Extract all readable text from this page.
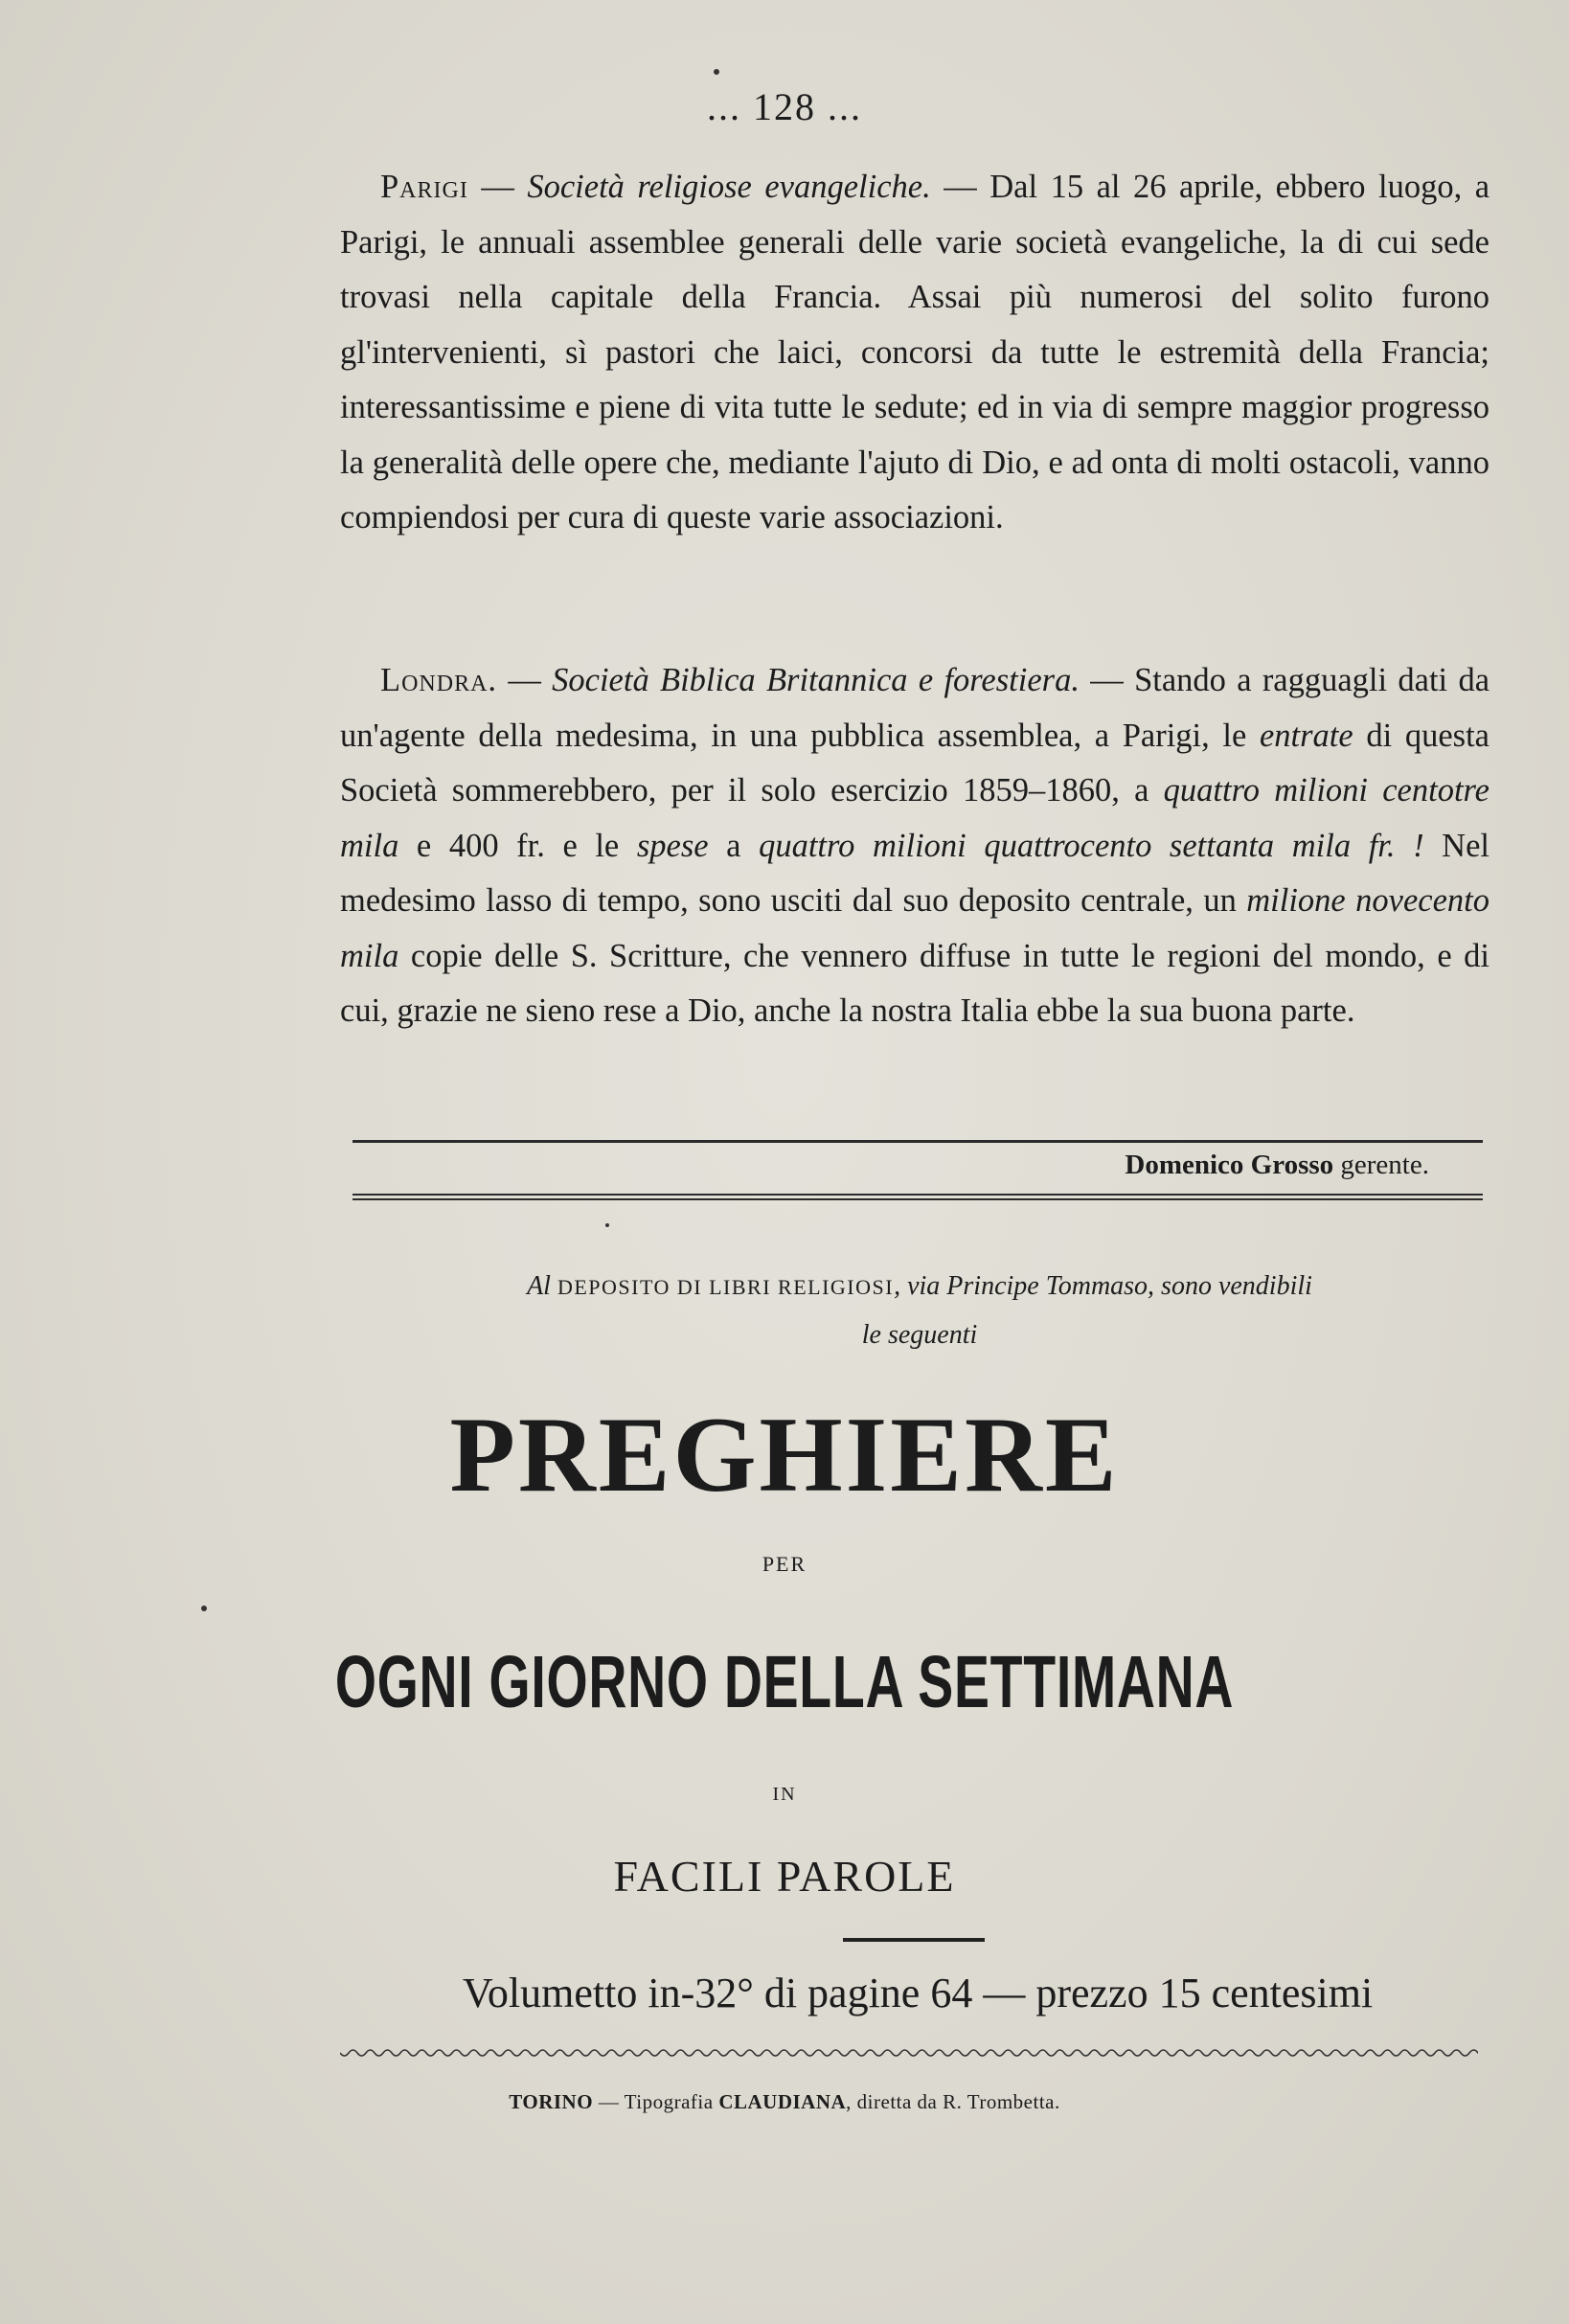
... 128 ...

Parigi — Società religiose evangeliche. — Dal 15 al 26 aprile, ebbero luogo, a Parigi, le annuali assemblee generali delle varie società evangeliche, la di cui sede trovasi nella capitale della Francia. Assai più numerosi del solito furono gl'intervenienti, sì pastori che laici, concorsi da tutte le estremità della Francia; interessantissime e piene di vita tutte le sedute; ed in via di sempre maggior progresso la generalità delle opere che, mediante l'ajuto di Dio, e ad onta di molti ostacoli, vanno compiendosi per cura di queste varie associazioni.

Londra. — Società Biblica Britannica e forestiera. — Stando a ragguagli dati da un'agente della medesima, in una pubblica assemblea, a Parigi, le entrate di questa Società sommerebbero, per il solo esercizio 1859–1860, a quattro milioni centotre mila e 400 fr. e le spese a quattro milioni quattrocento settanta mila fr. ! Nel medesimo lasso di tempo, sono usciti dal suo deposito centrale, un milione novecento mila copie delle S. Scritture, che vennero diffuse in tutte le regioni del mondo, e di cui, grazie ne sieno rese a Dio, anche la nostra Italia ebbe la sua buona parte.

Domenico Grosso gerente.
Al DEPOSITO DI LIBRI RELIGIOSI, via Principe Tommaso, sono vendibili
le seguenti
PREGHIERE
PER
OGNI GIORNO DELLA SETTIMANA
IN
FACILI PAROLE
Volumetto in-32° di pagine 64 — prezzo 15 centesimi
TORINO — Tipografia CLAUDIANA, diretta da R. Trombetta.
